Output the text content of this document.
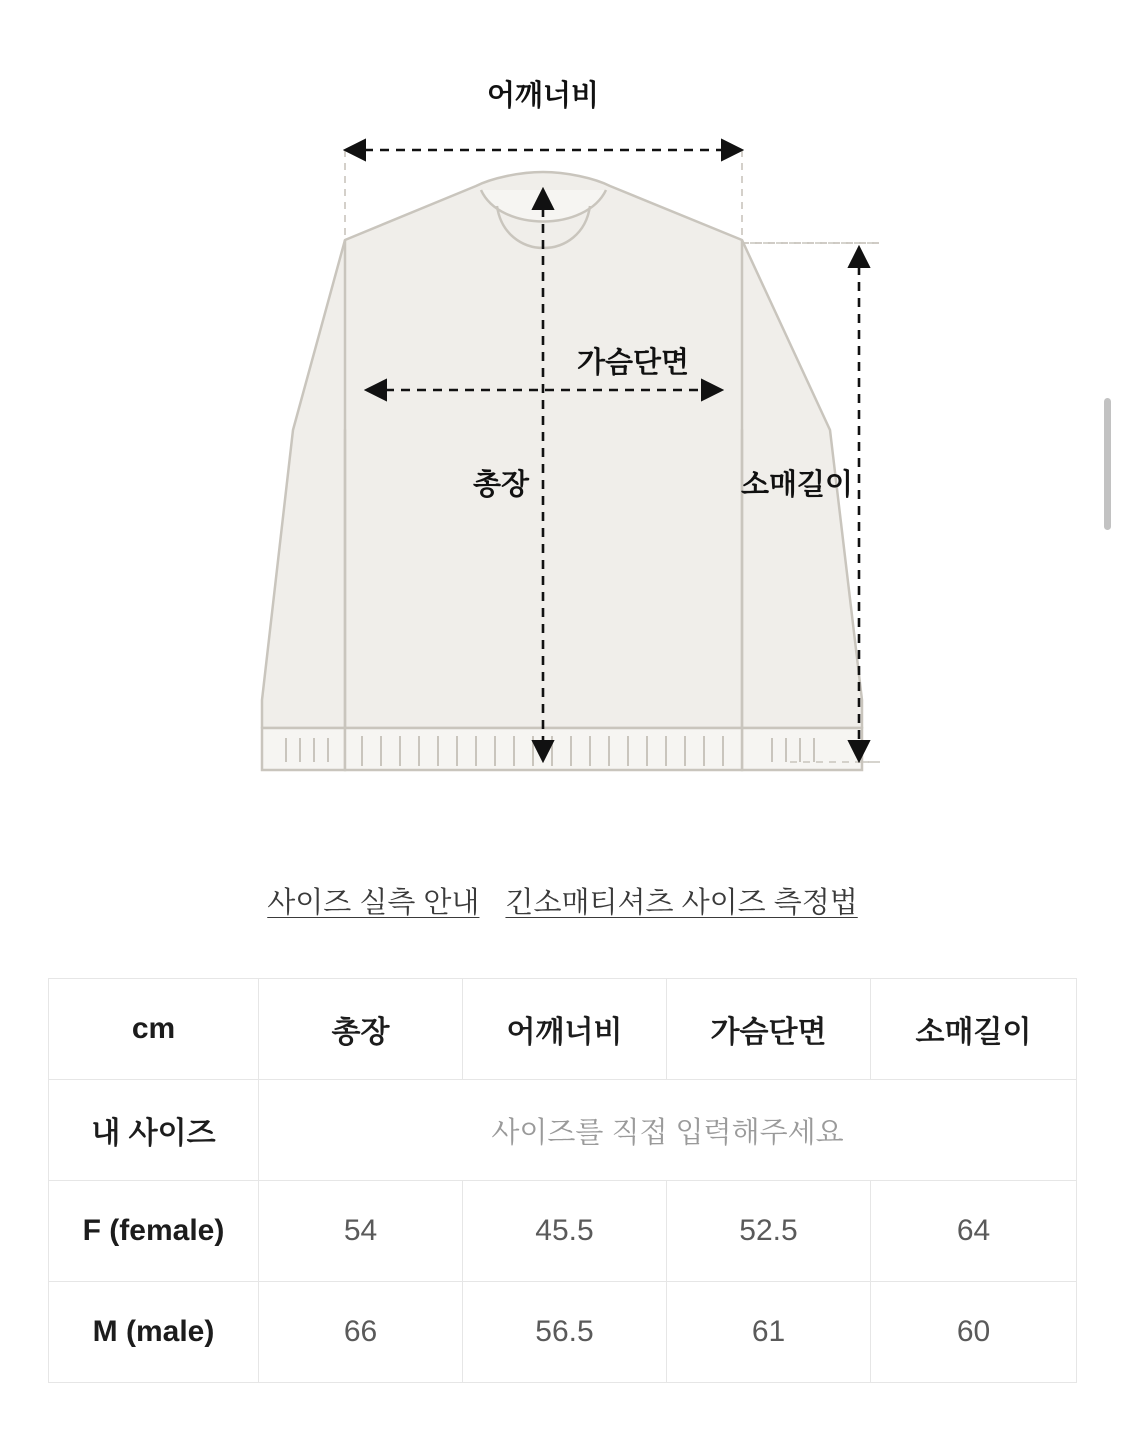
어깨너비
가슴단면
총장	소매길이
사이즈 실측 안내 긴소매티셔츠 사이즈 측정법
cm	총장	어깨너비	가슴단면	소매길이
내 사이즈	사이즈를 직접 입력해주세요			

F (female)	54	45.5	52.5	64
M (male)	66	56.5	61	60
